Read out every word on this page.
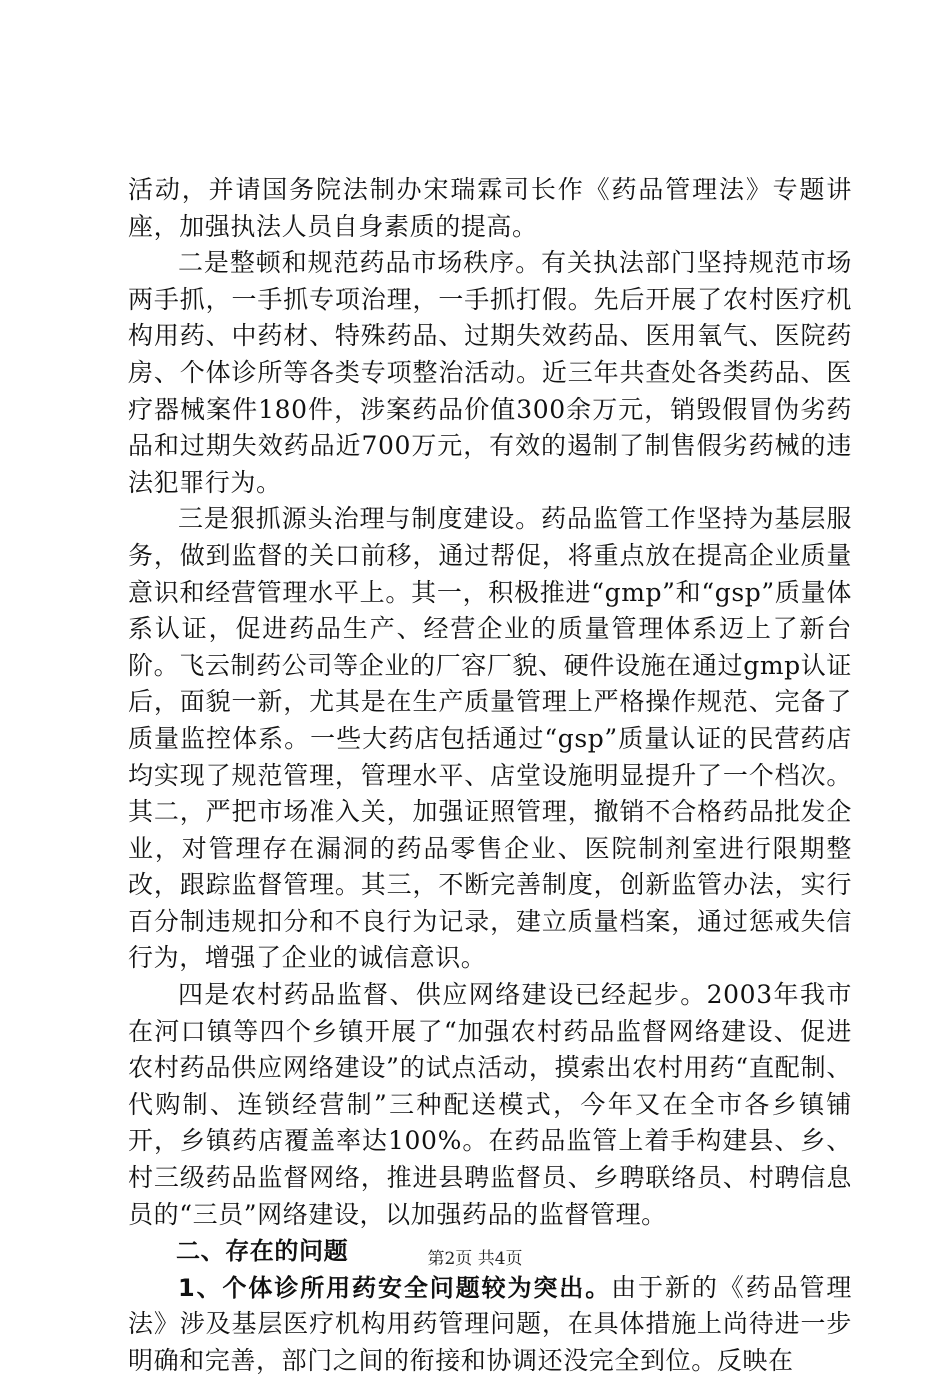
活动，并请国务院法制办宋瑞霖司长作《药品管理法》专题讲座，加强执法人员自身素质的提高。

二是整顿和规范药品市场秩序。有关执法部门坚持规范市场两手抓，一手抓专项治理，一手抓打假。先后开展了农村医疗机构用药、中药材、特殊药品、过期失效药品、医用氧气、医院药房、个体诊所等各类专项整治活动。近三年共查处各类药品、医疗器械案件180件，涉案药品价值300余万元，销毁假冒伪劣药品和过期失效药品近700万元，有效的遏制了制售假劣药械的违法犯罪行为。

三是狠抓源头治理与制度建设。药品监管工作坚持为基层服务，做到监督的关口前移，通过帮促，将重点放在提高企业质量意识和经营管理水平上。其一，积极推进“gmp”和“gsp”质量体系认证，促进药品生产、经营企业的质量管理体系迈上了新台阶。飞云制药公司等企业的厂容厂貌、硬件设施在通过gmp认证后，面貌一新，尤其是在生产质量管理上严格操作规范、完备了质量监控体系。一些大药店包括通过“gsp”质量认证的民营药店均实现了规范管理，管理水平、店堂设施明显提升了一个档次。其二，严把市场准入关，加强证照管理，撤销不合格药品批发企业，对管理存在漏洞的药品零售企业、医院制剂室进行限期整改，跟踪监督管理。其三，不断完善制度，创新监管办法，实行百分制违规扣分和不良行为记录，建立质量档案，通过惩戒失信行为，增强了企业的诚信意识。

四是农村药品监督、供应网络建设已经起步。2003年我市在河口镇等四个乡镇开展了“加强农村药品监督网络建设、促进农村药品供应网络建设”的试点活动，摸索出农村用药“直配制、代购制、连锁经营制”三种配送模式，今年又在全市各乡镇铺开，乡镇药店覆盖率达100%。在药品监管上着手构建县、乡、村三级药品监督网络，推进县聘监督员、乡聘联络员、村聘信息员的“三员”网络建设，以加强药品的监督管理。

二、存在的问题

1、个体诊所用药安全问题较为突出。由于新的《药品管理法》涉及基层医疗机构用药管理问题，在具体措施上尚待进一步明确和完善，部门之间的衔接和协调还没完全到位。反映在

第2页 共4页
